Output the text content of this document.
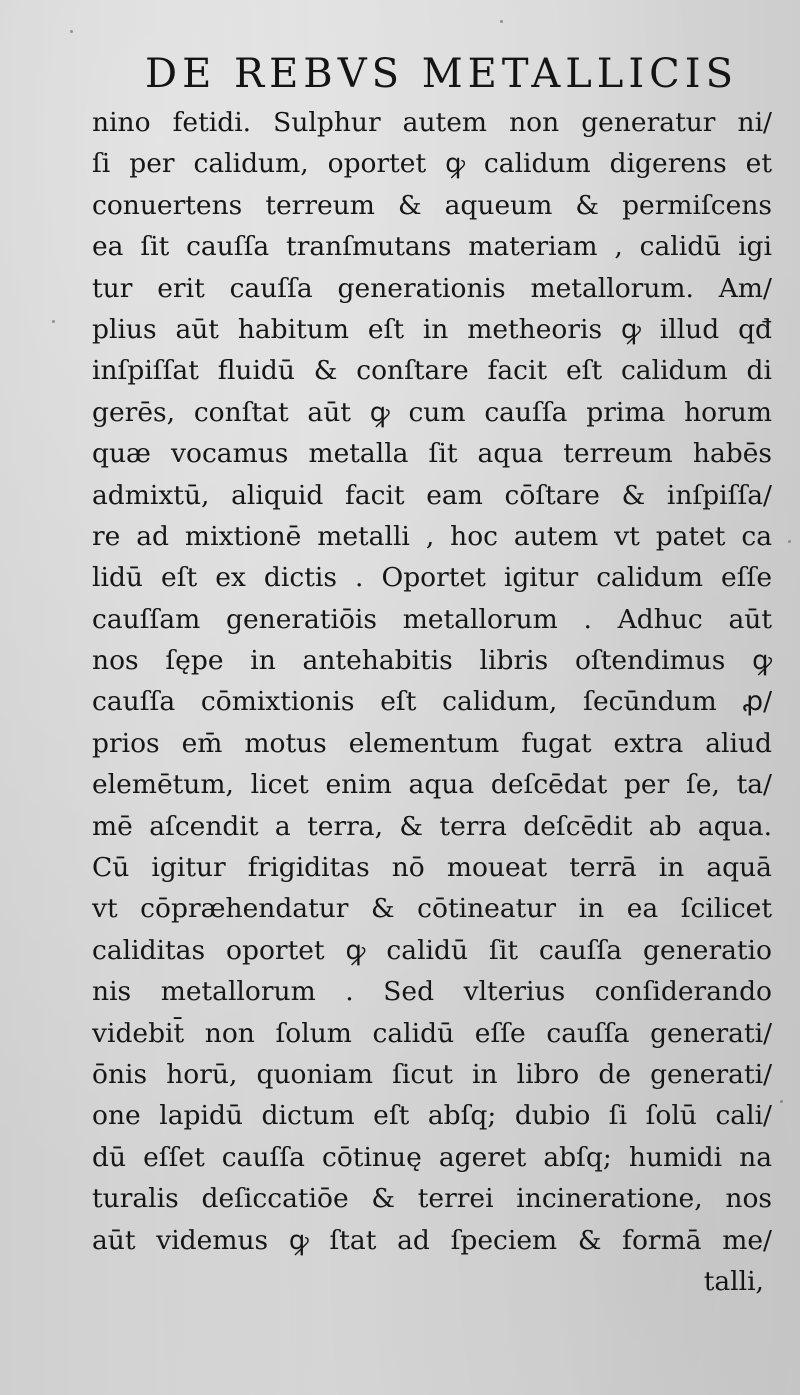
DE REBVS METALLICIS
nino fetidi. Sulphur autem non generatur ni/
ſi per calidum, oportet ꝙ calidum digerens et
conuertens terreum & aqueum & permiſcens
ea ſit cauſſa tranſmutans materiam , calidū igi
tur erit cauſſa generationis metallorum. Am/
plius aūt habitum eſt in metheoris ꝙ illud qđ
inſpiſſat fluidū & conſtare facit eſt calidum di
gerēs, conſtat aūt ꝙ cum cauſſa prima horum
quæ vocamus metalla ſit aqua terreum habēs
admixtū, aliquid facit eam cōſtare & inſpiſſa/
re ad mixtionē metalli , hoc autem vt patet ca
lidū eſt ex dictis . Oportet igitur calidum eſſe
cauſſam generatiōis metallorum . Adhuc aūt
nos ſępe in antehabitis libris oſtendimus ꝙ
cauſſa cōmixtionis eſt calidum, ſecūndum ꝓ/
prios em̄ motus elementum fugat extra aliud
elemētum, licet enim aqua deſcēdat per ſe, ta/
mē aſcendit a terra, & terra deſcēdit ab aqua.
Cū igitur frigiditas nō moueat terrā in aquā
vt cōpræhendatur & cōtineatur in ea ſcilicet
caliditas oportet ꝙ calidū ſit cauſſa generatio
nis metallorum . Sed vlterius conſiderando
videbit̄ non ſolum calidū eſſe cauſſa generati/
ōnis horū, quoniam ſicut in libro de generati/
one lapidū dictum eſt abſq; dubio ſi ſolū cali/
dū eſſet cauſſa cōtinuę ageret abſq; humidi na
turalis deſiccatiōe & terrei incineratione, nos
aūt videmus ꝙ ſtat ad ſpeciem & formā me/
talli,
